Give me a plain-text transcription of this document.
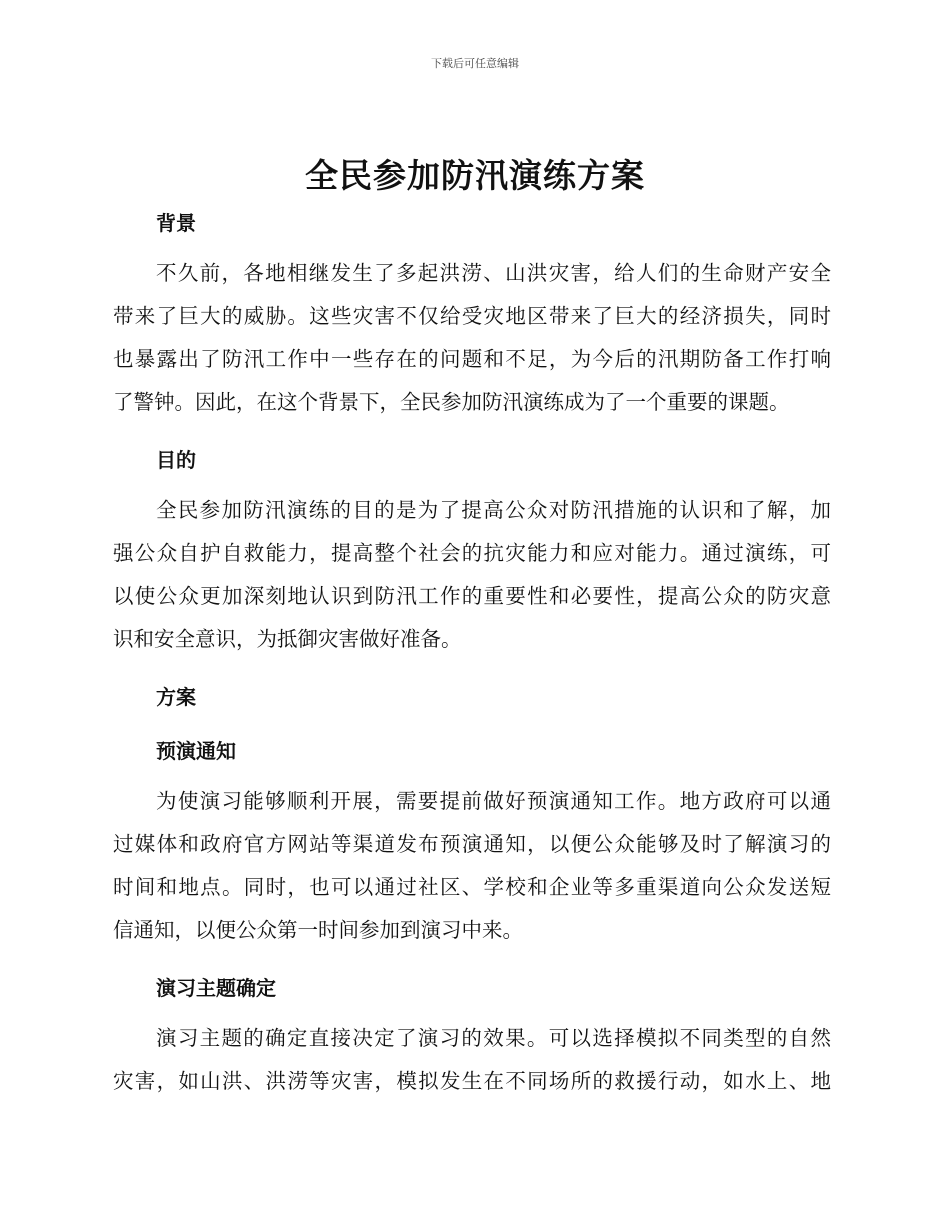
下载后可任意编辑
全民参加防汛演练方案
背景
不久前，各地相继发生了多起洪涝、山洪灾害，给人们的生命财产安全
带来了巨大的威胁。这些灾害不仅给受灾地区带来了巨大的经济损失，同时
也暴露出了防汛工作中一些存在的问题和不足，为今后的汛期防备工作打响
了警钟。因此，在这个背景下，全民参加防汛演练成为了一个重要的课题。
目的
全民参加防汛演练的目的是为了提高公众对防汛措施的认识和了解，加
强公众自护自救能力，提高整个社会的抗灾能力和应对能力。通过演练，可
以使公众更加深刻地认识到防汛工作的重要性和必要性，提高公众的防灾意
识和安全意识，为抵御灾害做好准备。
方案
预演通知
为使演习能够顺利开展，需要提前做好预演通知工作。地方政府可以通
过媒体和政府官方网站等渠道发布预演通知，以便公众能够及时了解演习的
时间和地点。同时，也可以通过社区、学校和企业等多重渠道向公众发送短
信通知，以便公众第一时间参加到演习中来。
演习主题确定
演习主题的确定直接决定了演习的效果。可以选择模拟不同类型的自然
灾害，如山洪、洪涝等灾害，模拟发生在不同场所的救援行动，如水上、地
